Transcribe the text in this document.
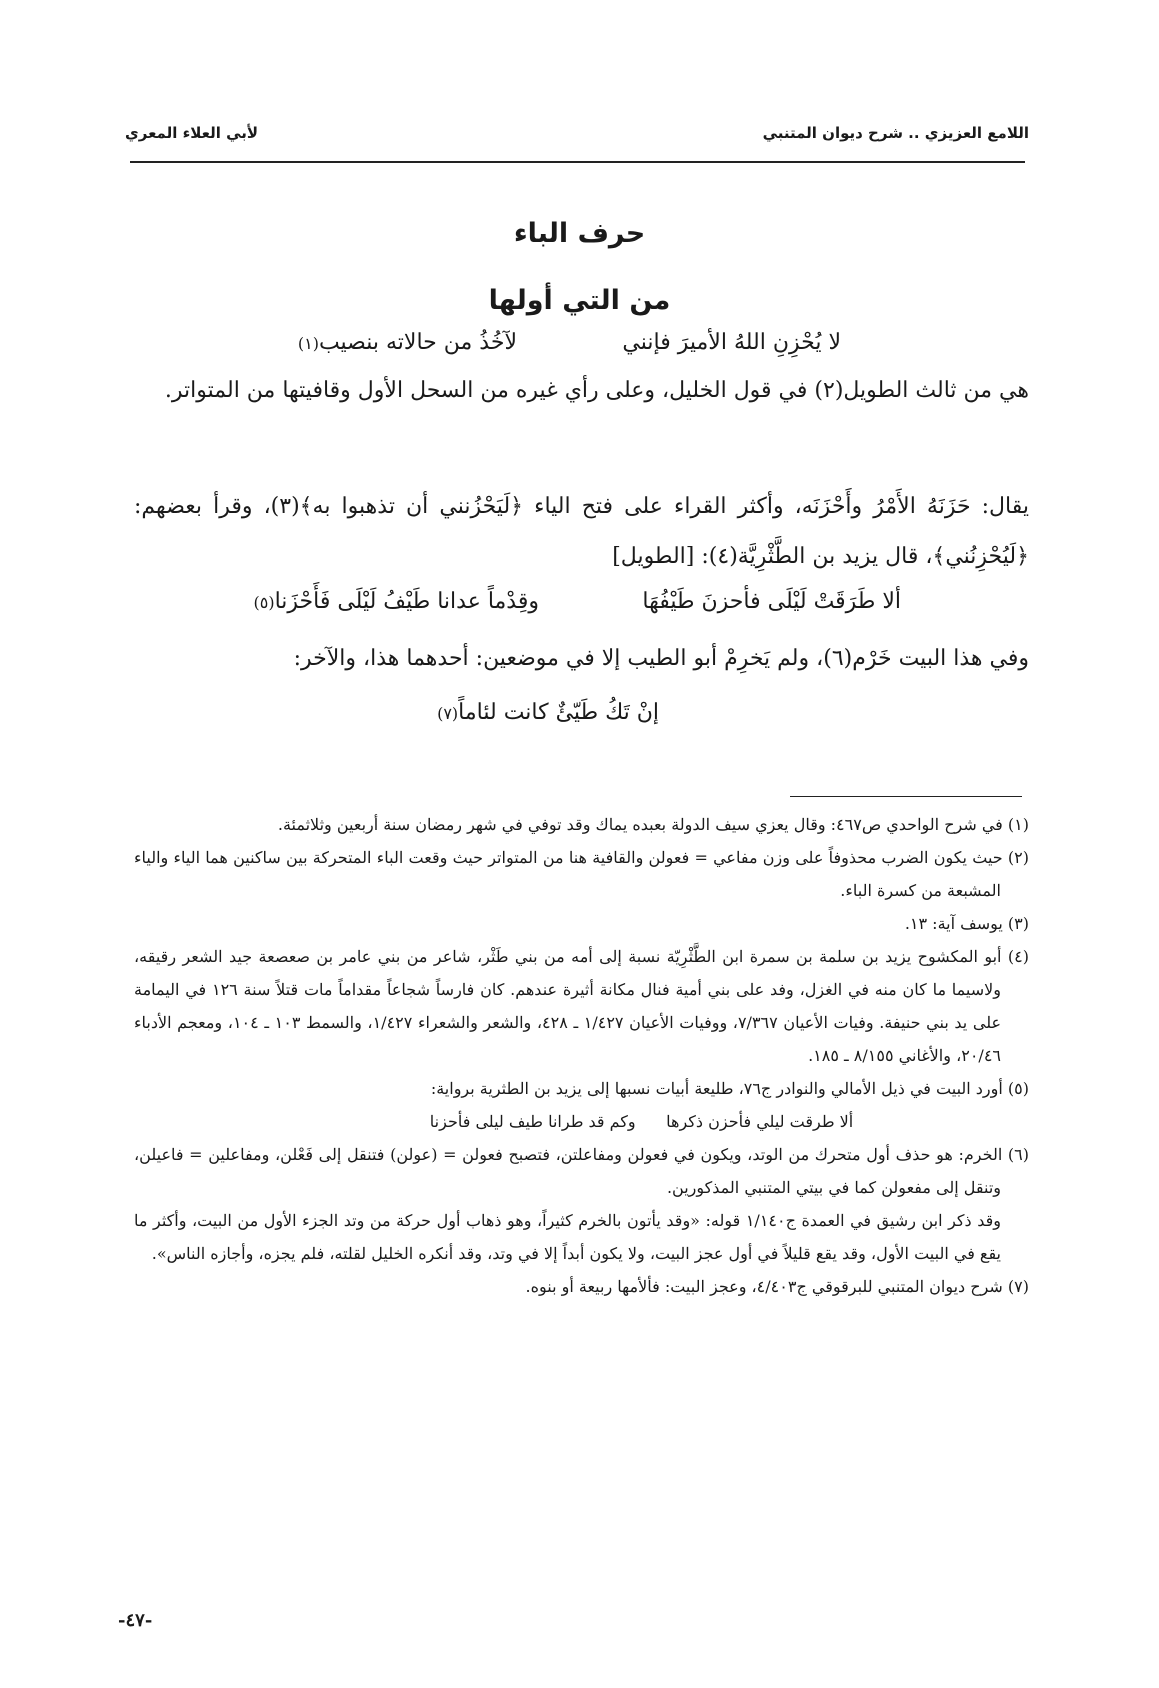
اللامع العزيزي .. شرح ديوان المتنبي
لأبي العلاء المعري
حرف الباء
من التي أولها
لا يُحْزِنِ اللهُ الأميرَ فإنني
لآخُذُ من حالاته بنصيب(١)
هي من ثالث الطويل(٢) في قول الخليل، وعلى رأي غيره من السحل الأول وقافيتها من المتواتر.
يقال: حَزَنَهُ الأَمْرُ وأَحْزَنَه، وأكثر القراء على فتح الياء ﴿لَيَحْزُنني أن تذهبوا به﴾(٣)، وقرأ بعضهم: ﴿لَيُحْزِنُني﴾، قال يزيد بن الطَّثْرِيَّة(٤): [الطويل]
ألا طَرَقَتْ لَيْلَى فأحزنَ طَيْفُهَا
وقِدْماً عدانا طَيْفُ لَيْلَى فَأَحْزَنا(٥)
وفي هذا البيت خَرْم(٦)، ولم يَخرِمْ أبو الطيب إلا في موضعين: أحدهما هذا، والآخر:
إنْ تَكُ طَيّئٌ كانت لئاماً(٧)

(١) في شرح الواحدي ص٤٦٧: وقال يعزي سيف الدولة بعبده يماك وقد توفي في شهر رمضان سنة أربعين وثلاثمئة.

(٢) حيث يكون الضرب محذوفاً على وزن مفاعي = فعولن والقافية هنا من المتواتر حيث وقعت الباء المتحركة بين ساكنين هما الياء والياء المشبعة من كسرة الباء.

(٣) يوسف آية: ١٣.

(٤) أبو المكشوح يزيد بن سلمة بن سمرة ابن الطَّثْرِيّة نسبة إلى أمه من بني طَثْر، شاعر من بني عامر بن صعصعة جيد الشعر رقيقه، ولاسيما ما كان منه في الغزل، وفد على بني أمية فنال مكانة أثيرة عندهم. كان فارساً شجاعاً مقداماً مات قتلاً سنة ١٢٦ في اليمامة على يد بني حنيفة. وفيات الأعيان ٧/٣٦٧، ووفيات الأعيان ١/٤٢٧ ـ ٤٢٨، والشعر والشعراء ١/٤٢٧، والسمط ١٠٣ ـ ١٠٤، ومعجم الأدباء ٢٠/٤٦، والأغاني ٨/١٥٥ ـ ١٨٥.

(٥) أورد البيت في ذيل الأمالي والنوادر ج٧٦، طليعة أبيات نسبها إلى يزيد بن الطثرية برواية:

ألا طرقت ليلي فأحزن ذكرها      وكم قد طرانا طيف ليلى فأحزنا

(٦) الخرم: هو حذف أول متحرك من الوتد، ويكون في فعولن ومفاعلتن، فتصبح فعولن = (عولن) فتنقل إلى فَعْلن، ومفاعلين = فاعيلن، وتنقل إلى مفعولن كما في بيتي المتنبي المذكورين.

وقد ذكر ابن رشيق في العمدة ج١/١٤٠ قوله: «وقد يأتون بالخرم كثيراً، وهو ذهاب أول حركة من وتد الجزء الأول من البيت، وأكثر ما يقع في البيت الأول، وقد يقع قليلاً في أول عجز البيت، ولا يكون أبداً إلا في وتد، وقد أنكره الخليل لقلته، فلم يجزه، وأجازه الناس».

(٧) شرح ديوان المتنبي للبرقوقي ج٤/٤٠٣، وعجز البيت: فألأمها ربيعة أو بنوه.

-٤٧-
